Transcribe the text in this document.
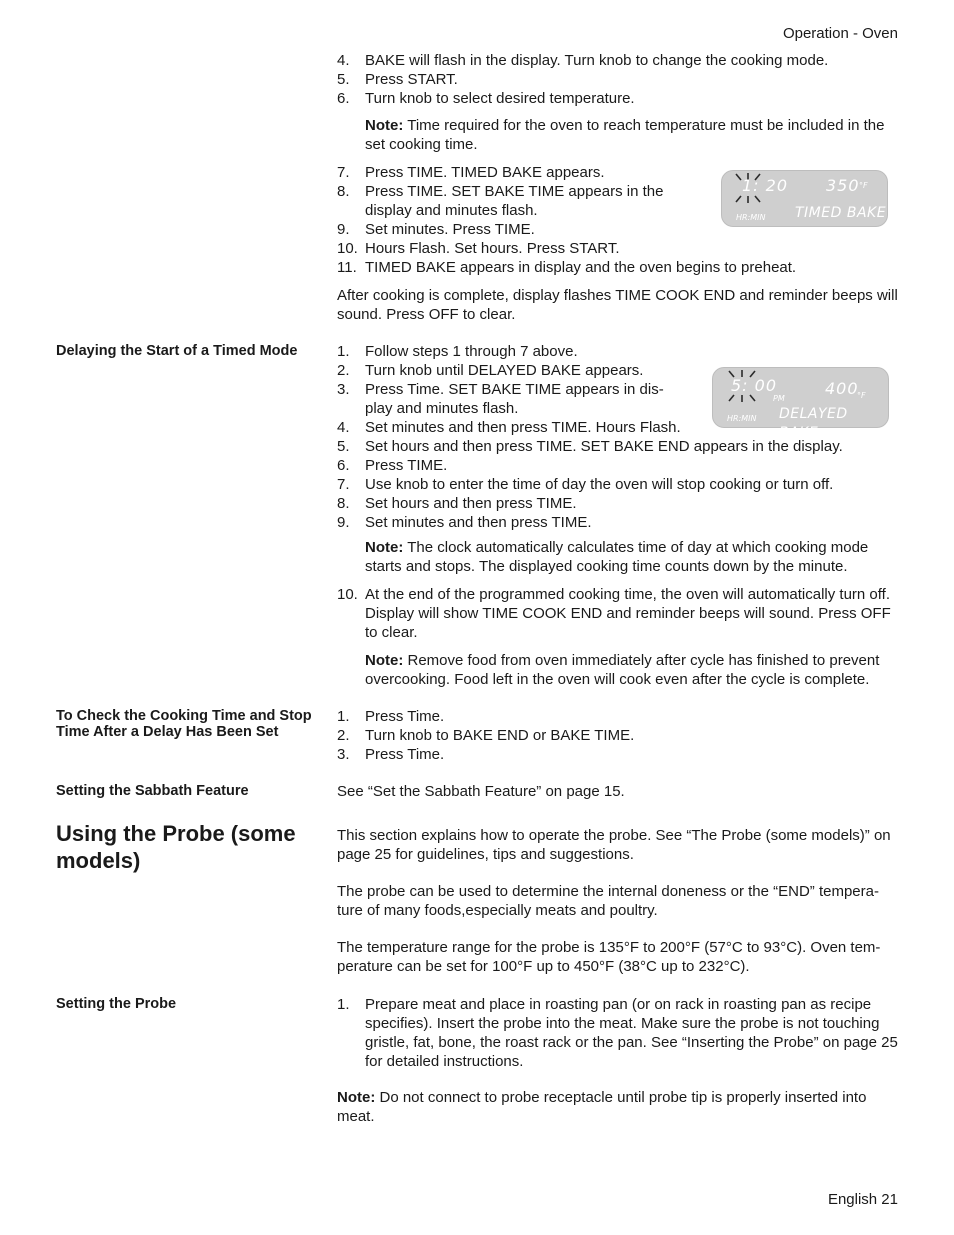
Operation - Oven
4. BAKE will flash in the display. Turn knob to change the cooking mode.
5. Press START.
6. Turn knob to select desired temperature.
Note: Time required for the oven to reach temperature must be included in the set cooking time.
7. Press TIME. TIMED BAKE appears.
8. Press TIME. SET BAKE TIME appears in the display and minutes flash.
9. Set minutes. Press TIME.
10. Hours Flash. Set hours. Press START.
11. TIMED BAKE appears in display and the oven begins to preheat.
1: 20 350 °F
HR:MIN TIMED BAKE
After cooking is complete, display flashes TIME COOK END and reminder beeps will sound. Press OFF to clear.
Delaying the Start of a Timed Mode	1. Follow steps 1 through 7 above.
2. Turn knob until DELAYED BAKE appears.
3. Press Time. SET BAKE TIME appears in dis-play and minutes flash.
4. Set minutes and then press TIME. Hours Flash.
5. Set hours and then press TIME. SET BAKE END appears in the display.
6. Press TIME.
7. Use knob to enter the time of day the oven will stop cooking or turn off.
8. Set hours and then press TIME.
9. Set minutes and then press TIME.
5: 00
PM
400
°F
HR:MIN DELAYED BAKE
Note: The clock automatically calculates time of day at which cooking mode starts and stops. The displayed cooking time counts down by the minute.
10. At the end of the programmed cooking time, the oven will automatically turn off. Display will show TIME COOK END and reminder beeps will sound. Press OFF to clear.
Note: Remove food from oven immediately after cycle has finished to prevent overcooking. Food left in the oven will cook even after the cycle is complete.
To Check the Cooking Time and Stop Time After a Delay Has Been Set
1. Press Time.
2. Turn knob to BAKE END or BAKE TIME.
3. Press Time.
Setting the Sabbath Feature	See “Set the Sabbath Feature” on page 15.
Using the Probe (some models)
This section explains how to operate the probe. See “The Probe (some models)” on page 25 for guidelines, tips and suggestions.
The probe can be used to determine the internal doneness or the “END” tempera-ture of many foods,especially meats and poultry.
The temperature range for the probe is 135°F to 200°F (57°C to 93°C). Oven tem-perature can be set for 100°F up to 450°F (38°C up to 232°C).
Setting the Probe	1. Prepare meat and place in roasting pan (or on rack in roasting pan as recipe specifies). Insert the probe into the meat. Make sure the probe is not touching gristle, fat, bone, the roast rack or the pan. See “Inserting the Probe” on page 25 for detailed instructions.
Note: Do not connect to probe receptacle until probe tip is properly inserted into meat.
English 21
